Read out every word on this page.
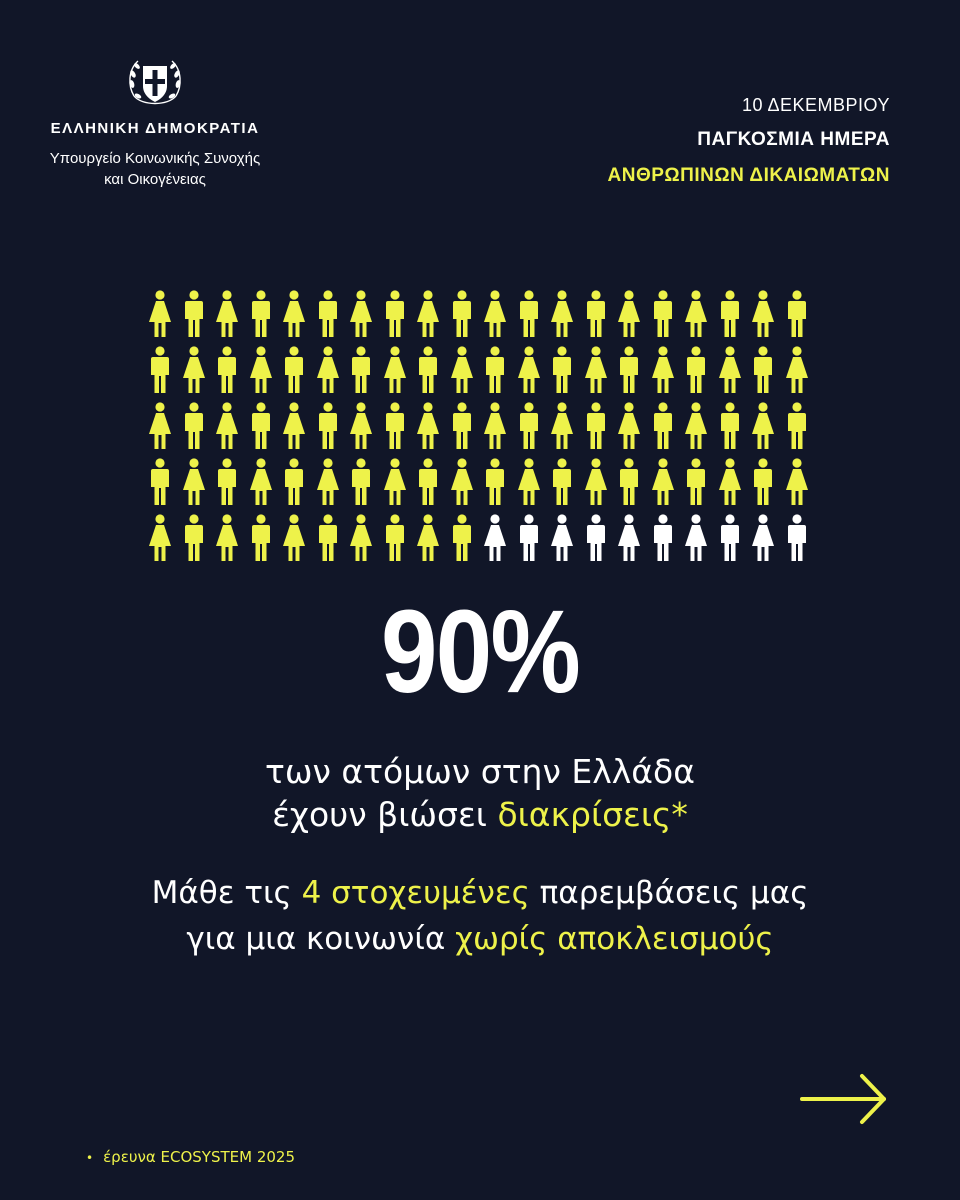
ΕΛΛΗΝΙΚΗ ΔΗΜΟΚΡΑΤΙΑ
Υπουργείο Κοινωνικής Συνοχής
και Οικογένειας
10 ΔΕΚΕΜΒΡΙΟΥ
ΠΑΓΚΟΣΜΙΑ ΗΜΕΡΑ
ΑΝΘΡΩΠΙΝΩΝ ΔΙΚΑΙΩΜΑΤΩΝ
90%
των ατόμων στην Ελλάδα
έχουν βιώσει διακρίσεις*
Μάθε τις 4 στοχευμένες παρεμβάσεις μας
για μια κοινωνία χωρίς αποκλεισμούς
• έρευνα ECOSYSTEM 2025
